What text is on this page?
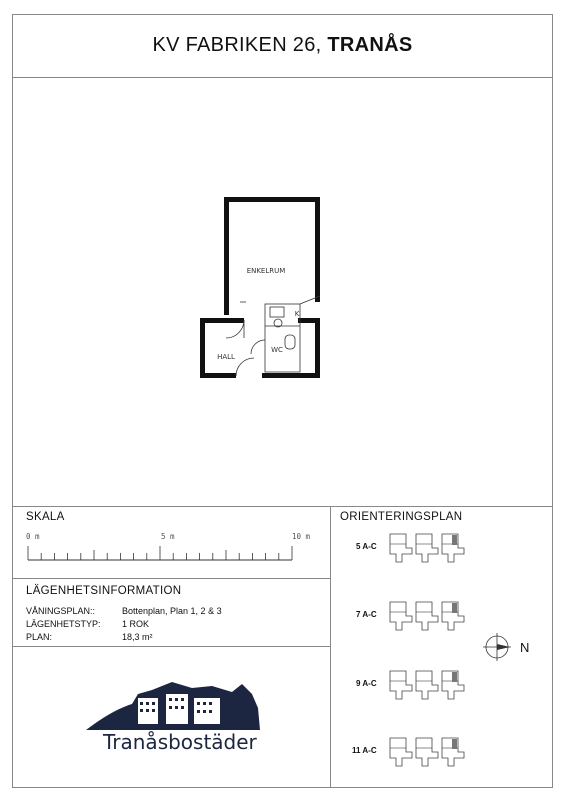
KV FABRIKEN 26, TRANÅS
ENKELRUM
K
WC
HALL
SKALA
0 m	5 m	10 m
LÄGENHETSINFORMATION
VÅNINGSPLAN::	Bottenplan, Plan 1, 2 & 3
LÄGENHETSTYP: 1 ROK
PLAN:	18,3 m²
Tranåsbostäder
ORIENTERINGSPLAN
5 A-C
7 A-C
9 A-C
11 A-C
N
